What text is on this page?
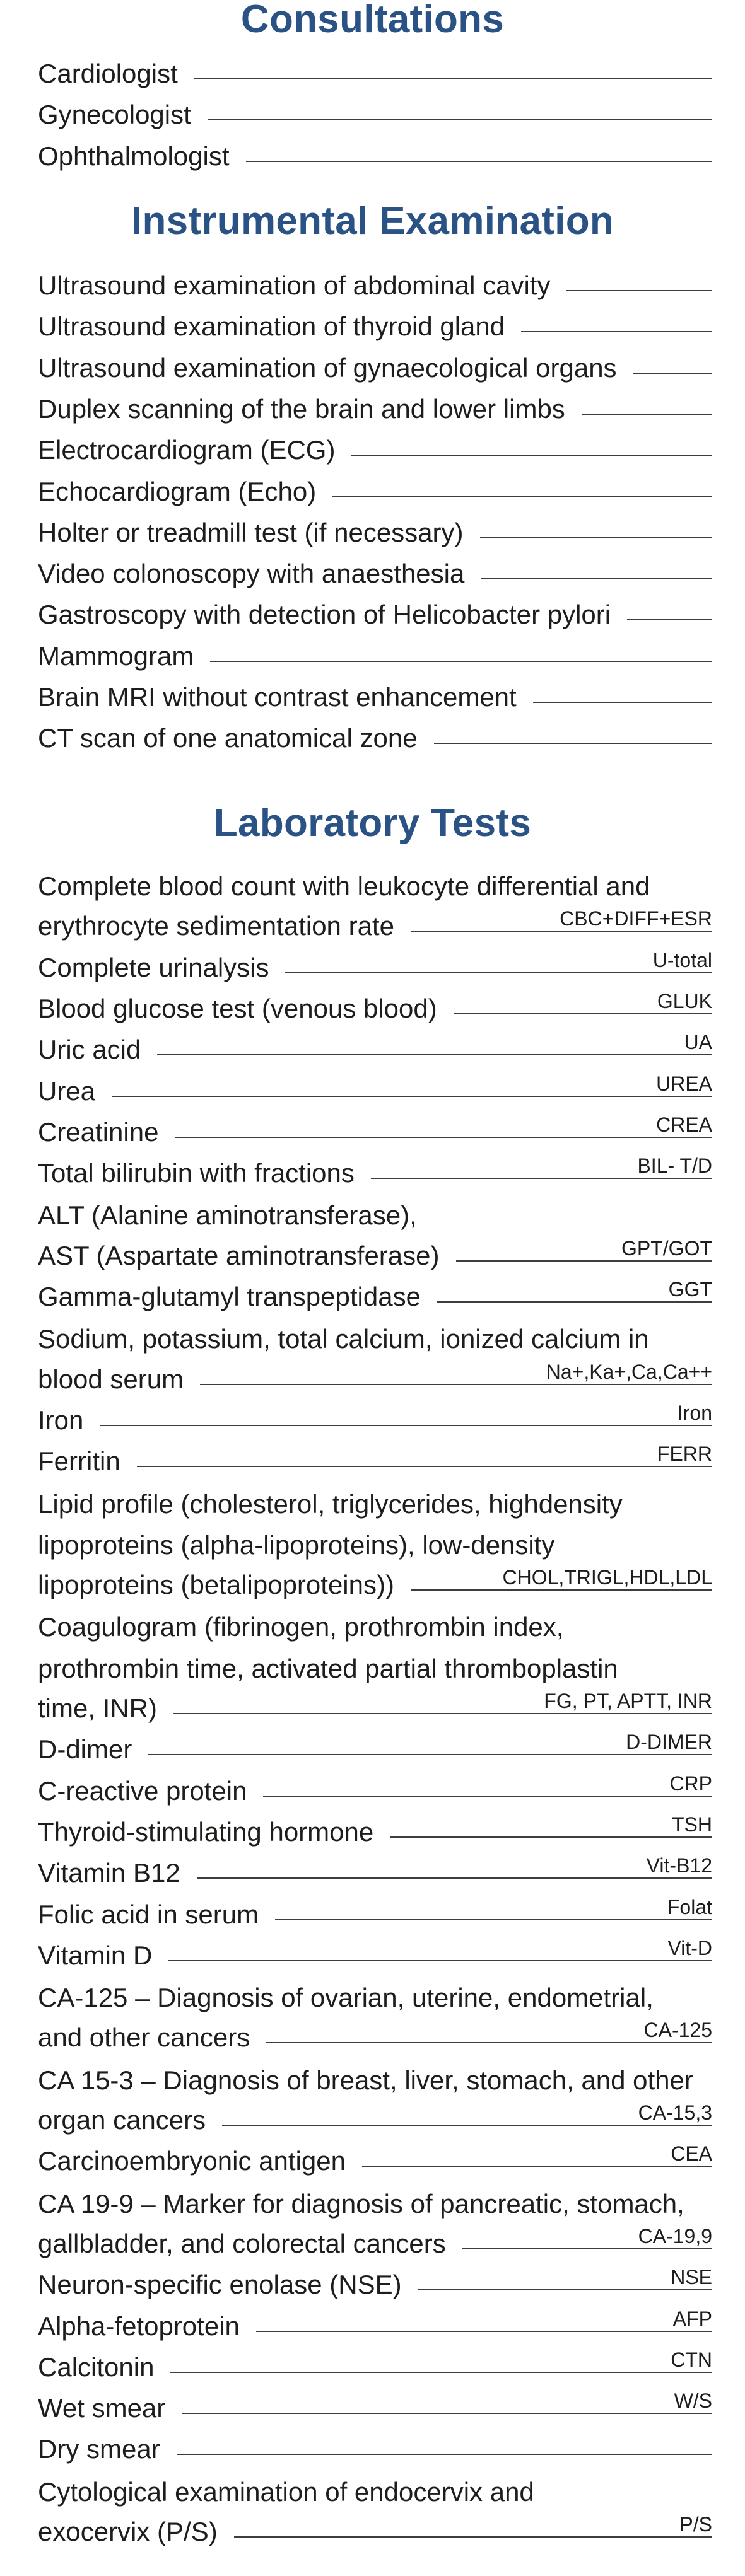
Consultations
Cardiologist
Gynecologist
Ophthalmologist
Instrumental Examination
Ultrasound examination of abdominal cavity
Ultrasound examination of thyroid gland
Ultrasound examination of gynaecological organs
Duplex scanning of the brain and lower limbs
Electrocardiogram (ECG)
Echocardiogram (Echo)
Holter or treadmill test (if necessary)
Video colonoscopy with anaesthesia
Gastroscopy with detection of Helicobacter pylori
Mammogram
Brain MRI without contrast enhancement
CT scan of one anatomical zone
Laboratory Tests
Complete blood count with leukocyte differential and
erythrocyte sedimentation rate	CBC+DIFF+ESR
Complete urinalysis	U-total
Blood glucose test (venous blood)	GLUK
Uric acid	UA
Urea	UREA
Creatinine	CREA
Total bilirubin with fractions	BIL- T/D
ALT (Alanine aminotransferase),
AST (Aspartate aminotransferase)	GPT/GOT
Gamma-glutamyl transpeptidase	GGT
Sodium, potassium, total calcium, ionized calcium in
blood serum	Na+,Ka+,Ca,Ca++
Iron	Iron
Ferritin	FERR
Lipid profile (cholesterol, triglycerides, highdensity
lipoproteins (alpha-lipoproteins), low-density
lipoproteins (betalipoproteins))	CHOL,TRIGL,HDL,LDL
Coagulogram (fibrinogen, prothrombin index,
prothrombin time, activated partial thromboplastin
time, INR)	FG, PT, APTT, INR
D-dimer	D-DIMER
C-reactive protein	CRP
Thyroid-stimulating hormone	TSH
Vitamin B12	Vit-B12
Folic acid in serum	Folat
Vitamin D	Vit-D
CA-125 – Diagnosis of ovarian, uterine, endometrial,
and other cancers	CA-125
CA 15-3 – Diagnosis of breast, liver, stomach, and other
organ cancers	CA-15,3
Carcinoembryonic antigen	CEA
CA 19-9 – Marker for diagnosis of pancreatic, stomach,
gallbladder, and colorectal cancers	CA-19,9
Neuron-specific enolase (NSE)	NSE
Alpha-fetoprotein	AFP
Calcitonin	CTN
Wet smear	W/S
Dry smear
Cytological examination of endocervix and
exocervix (P/S)	P/S
